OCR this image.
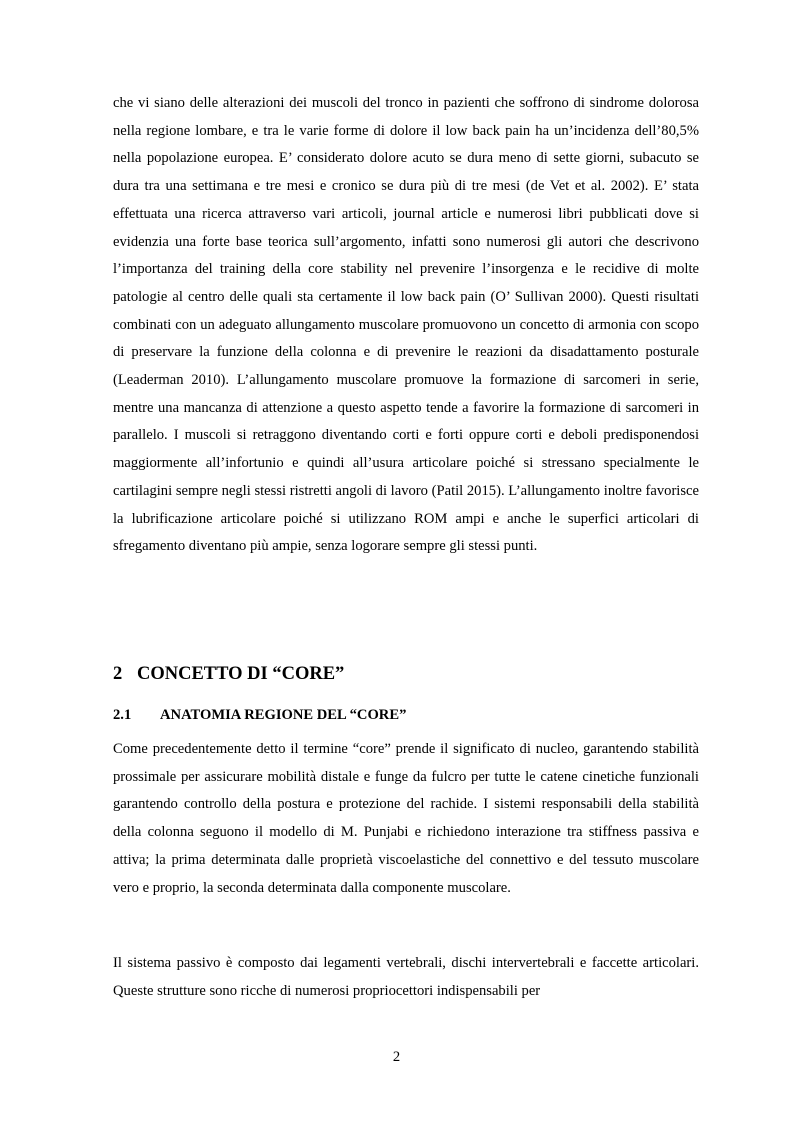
che vi siano delle alterazioni dei muscoli del tronco in pazienti che soffrono di sindrome dolorosa nella regione lombare, e tra le varie forme di dolore il low back pain ha un’incidenza dell’80,5% nella popolazione europea. E’ considerato dolore acuto se dura meno di sette giorni, subacuto se dura tra una settimana e tre mesi e cronico se dura più di tre mesi (de Vet et al. 2002). E’ stata effettuata una ricerca attraverso vari articoli, journal article e numerosi libri pubblicati dove si evidenzia una forte base teorica sull’argomento, infatti sono numerosi gli autori che descrivono l’importanza del training della core stability nel prevenire l’insorgenza e le recidive di molte patologie al centro delle quali sta certamente il low back pain (O’ Sullivan 2000). Questi risultati combinati con un adeguato allungamento muscolare promuovono un concetto di armonia con scopo di preservare la funzione della colonna e di prevenire le reazioni da disadattamento posturale (Leaderman 2010). L’allungamento muscolare promuove la formazione di sarcomeri in serie, mentre una mancanza di attenzione a questo aspetto tende a favorire la formazione di sarcomeri in parallelo. I muscoli si retraggono diventando corti e forti oppure corti e deboli predisponendosi maggiormente all’infortunio e quindi all’usura articolare poiché si stressano specialmente le cartilagini sempre negli stessi ristretti angoli di lavoro (Patil 2015). L’allungamento inoltre favorisce la lubrificazione articolare poiché si utilizzano ROM ampi e anche le superfici articolari di sfregamento diventano più ampie, senza logorare sempre gli stessi punti.

2 CONCETTO DI “CORE”
2.1 ANATOMIA REGIONE DEL “CORE”

Come precedentemente detto il termine “core” prende il significato di nucleo, garantendo stabilità prossimale per assicurare mobilità distale e funge da fulcro per tutte le catene cinetiche funzionali garantendo controllo della postura e protezione del rachide. I sistemi responsabili della stabilità della colonna seguono il modello di M. Punjabi e richiedono interazione tra stiffness passiva e attiva; la prima determinata dalle proprietà viscoelastiche del connettivo e del tessuto muscolare vero e proprio, la seconda determinata dalla componente muscolare.

Il sistema passivo è composto dai legamenti vertebrali, dischi intervertebrali e faccette articolari. Queste strutture sono ricche di numerosi propriocettori indispensabili per

2
